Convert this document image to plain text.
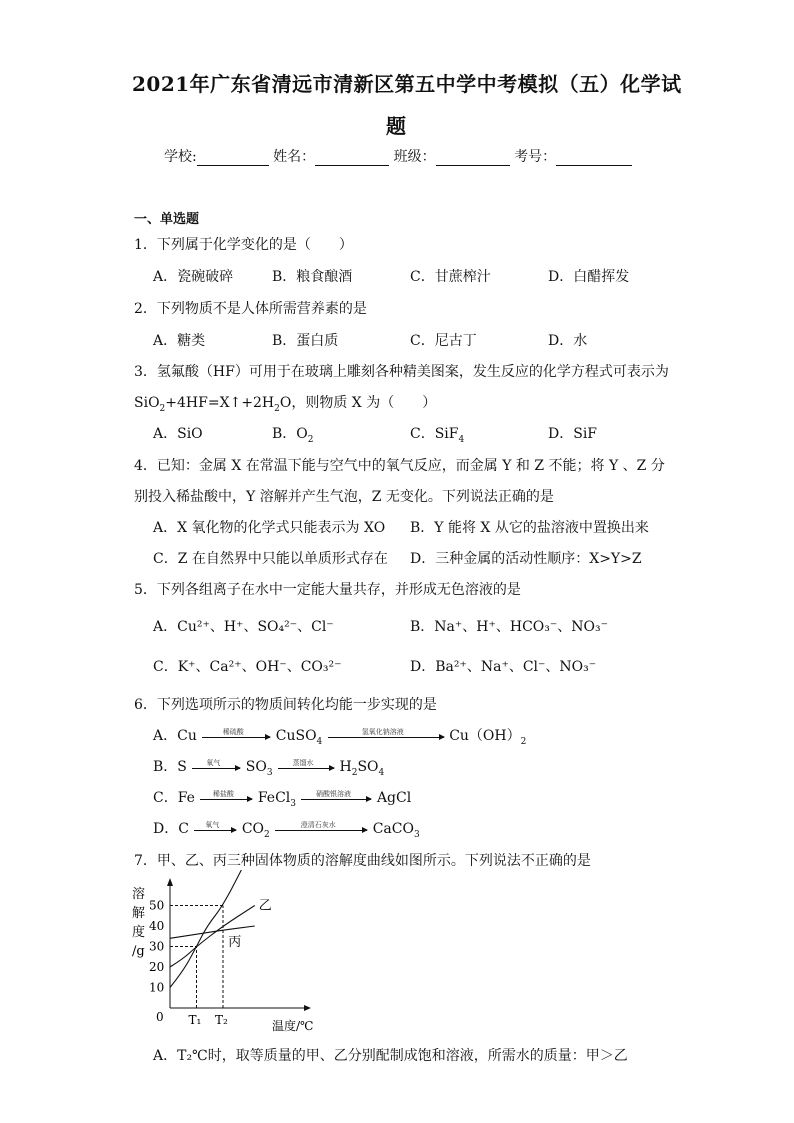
2021年广东省清远市清新区第五中学中考模拟（五）化学试
题
学校:	姓名：	班级：	考号：
一、单选题
1．下列属于化学变化的是（　　）
A．瓷碗破碎	B．粮食酿酒	C．甘蔗榨汁	D．白醋挥发
2．下列物质不是人体所需营养素的是
A．糖类	B．蛋白质	C．尼古丁	D．水
3．氢氟酸（HF）可用于在玻璃上雕刻各种精美图案，发生反应的化学方程式可表示为
$SiO_2+4HF=X↑+2H_2O$，则物质 X 为（　　）
A．SiO	B．$O_2$	C．SiF$_4$	D．SiF
4．已知：金属 X 在常温下能与空气中的氧气反应，而金属 Y 和 Z 不能；将 Y 、Z 分
别投入稀盐酸中，Y 溶解并产生气泡，Z 无变化。下列说法正确的是
A．X 氧化物的化学式只能表示为 XO B．Y 能将 X 从它的盐溶液中置换出来
C．Z 在自然界中只能以单质形式存在 D．三种金属的活动性顺序：X>Y>Z
5．下列各组离子在水中一定能大量共存，并形成无色溶液的是
A．Cu²⁺、H⁺、SO₄²⁻、Cl⁻	B．Na⁺、H⁺、HCO₃⁻、NO₃⁻
C．K⁺、Ca²⁺、OH⁻、CO₃²⁻	D．Ba²⁺、Na⁺、Cl⁻、NO₃⁻
6．下列选项所示的物质间转化均能一步实现的是
A．Cu	稀硫酸	CuSO$_4$
氢氧化钠溶液	$Cu(OH)_2$
B．S	氧气	$SO_3$
蒸馏水	$H_2SO_4$
C．Fe	稀盐酸	FeCl$_3$
硝酸银溶液	AgCl
D．C	氧气	$CO_2$
澄清石灰水	CaCO$_3$
7．甲、乙、丙三种固体物质的溶解度曲线如图所示。下列说法不正确的是
溶
解
度
/g
0
10
20
30
40
50
温度/℃
T₁ T₂
乙
丙
A．T₂℃时，取等质量的甲、乙分别配制成饱和溶液，所需水的质量：甲＞乙
